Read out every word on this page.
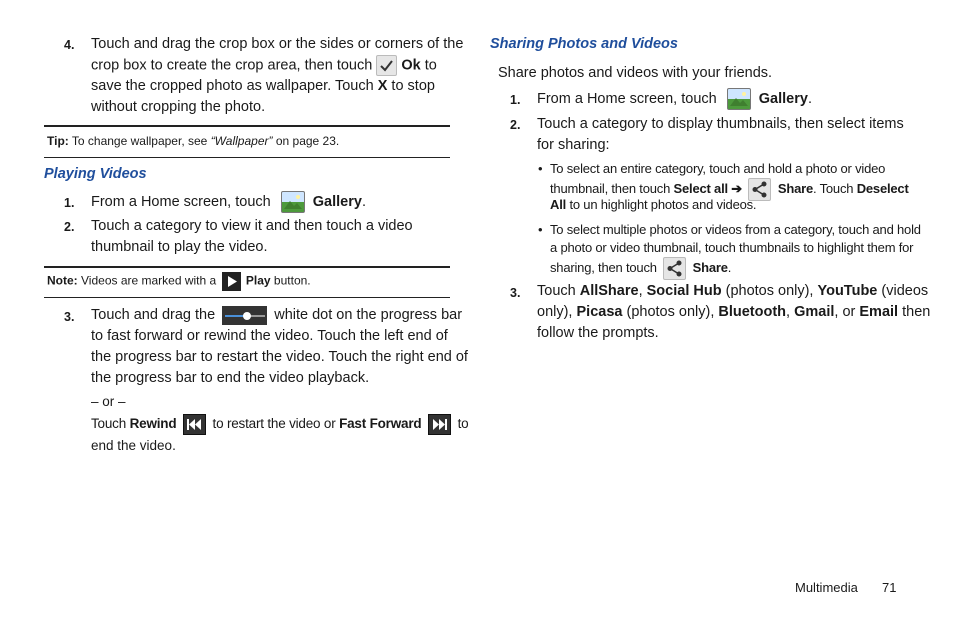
4. Touch and drag the crop box or the sides or corners of the
crop box to create the crop area, then touch Ok to
save the cropped photo as wallpaper. Touch X to stop
without cropping the photo.
Tip: To change wallpaper, see “Wallpaper” on page 23.
Playing Videos
1. From a Home screen, touch	Gallery.
2. Touch a category to view it and then touch a video
thumbnail to play the video.
Note: Videos are marked with a Play button.
3. Touch and drag the	white dot on the progress bar
to fast forward or rewind the video. Touch the left end of
the progress bar to restart the video. Touch the right end of
the progress bar to end the video playback.
– or –
Touch Rewind	to restart the video or Fast Forward	to
end the video.
Sharing Photos and Videos
Share photos and videos with your friends.
1. From a Home screen, touch	Gallery.
2. Touch a category to display thumbnails, then select items
for sharing:
• To select an entire category, touch and hold a photo or video
thumbnail, then touch Select all ➔	Share. Touch Deselect
All to un highlight photos and videos.
• To select multiple photos or videos from a category, touch and hold
a photo or video thumbnail, touch thumbnails to highlight them for
sharing, then touch	Share.
3. Touch AllShare, Social Hub (photos only), YouTube (videos
only), Picasa (photos only), Bluetooth, Gmail, or Email then
follow the prompts.
Multimedia 71
